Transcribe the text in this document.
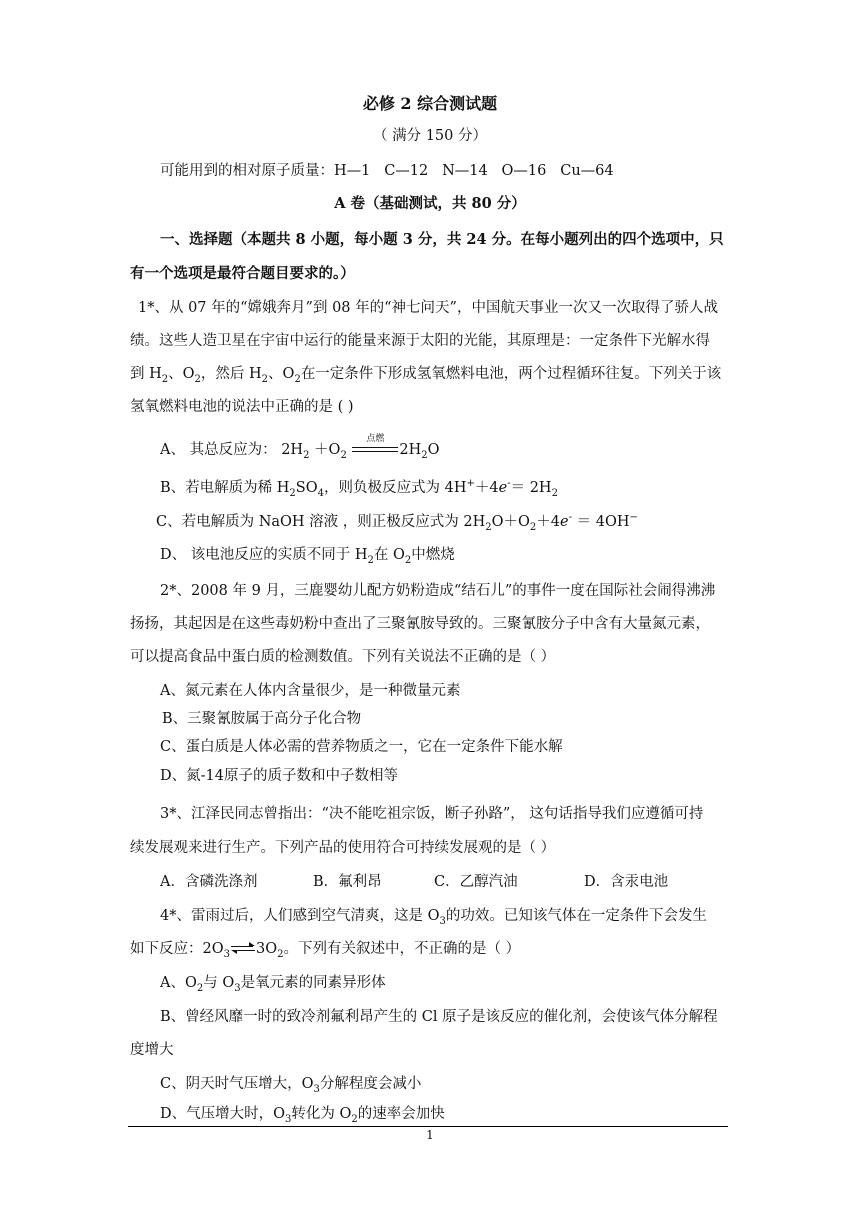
必修 2 综合测试题
（ 满分 150 分）
可能用到的相对原子质量：H—1 C—12 N—14 O—16 Cu—64
A 卷（基础测试，共 80 分）
一、选择题（本题共 8 小题，每小题 3 分，共 24 分。在每小题列出的四个选项中，只
有一个选项是最符合题目要求的。）
1*、从 07 年的“嫦娥奔月”到 08 年的“神七问天”，中国航天事业一次又一次取得了骄人战
绩。这些人造卫星在宇宙中运行的能量来源于太阳的光能，其原理是：一定条件下光解水得
到 $H_2$、$O_2$，然后 $H_2$、$O_2$在一定条件下形成氢氧燃料电池，两个过程循环往复。下列关于该
氢氧燃料电池的说法中正确的是 ( )
A、 其总反应为： $2H_2 +O_2$
点燃
$2H_2O$
B、若电解质为稀 $H_2SO_4$，则负极反应式为 $4H^++4e^-= 2H_2$
C、若电解质为 NaOH 溶液 ，则正极反应式为 $2H_2O+O_2+4e^- = 4OH^-$
D、 该电池反应的实质不同于 $H_2$在 $O_2$中燃烧
2*、2008 年 9 月，三鹿婴幼儿配方奶粉造成“结石儿”的事件一度在国际社会闹得沸沸
扬扬，其起因是在这些毒奶粉中查出了三聚氰胺导致的。三聚氰胺分子中含有大量氮元素，
可以提高食品中蛋白质的检测数值。下列有关说法不正确的是（ ）
A、氮元素在人体内含量很少，是一种微量元素
B、三聚氰胺属于高分子化合物
C、蛋白质是人体必需的营养物质之一，它在一定条件下能水解
D、氮-14原子的质子数和中子数相等
3*、江泽民同志曾指出：“决不能吃祖宗饭，断子孙路”， 这句话指导我们应遵循可持
续发展观来进行生产。下列产品的使用符合可持续发展观的是（ ）
A．含磷洗涤剂	B．氟利昂	C．乙醇汽油	D．含汞电池
4*、雷雨过后，人们感到空气清爽，这是 $O_3$的功效。已知该气体在一定条件下会发生
如下反应：$2O_3\rightleftharpoons 3O_2$。下列有关叙述中，不正确的是（ ）
A、$O_2$与 $O_3$是氧元素的同素异形体
B、曾经风靡一时的致冷剂氟利昂产生的 Cl 原子是该反应的催化剂，会使该气体分解程
度增大
C、阴天时气压增大，$O_3$分解程度会减小
D、气压增大时，$O_3$转化为 $O_2$的速率会加快
1
